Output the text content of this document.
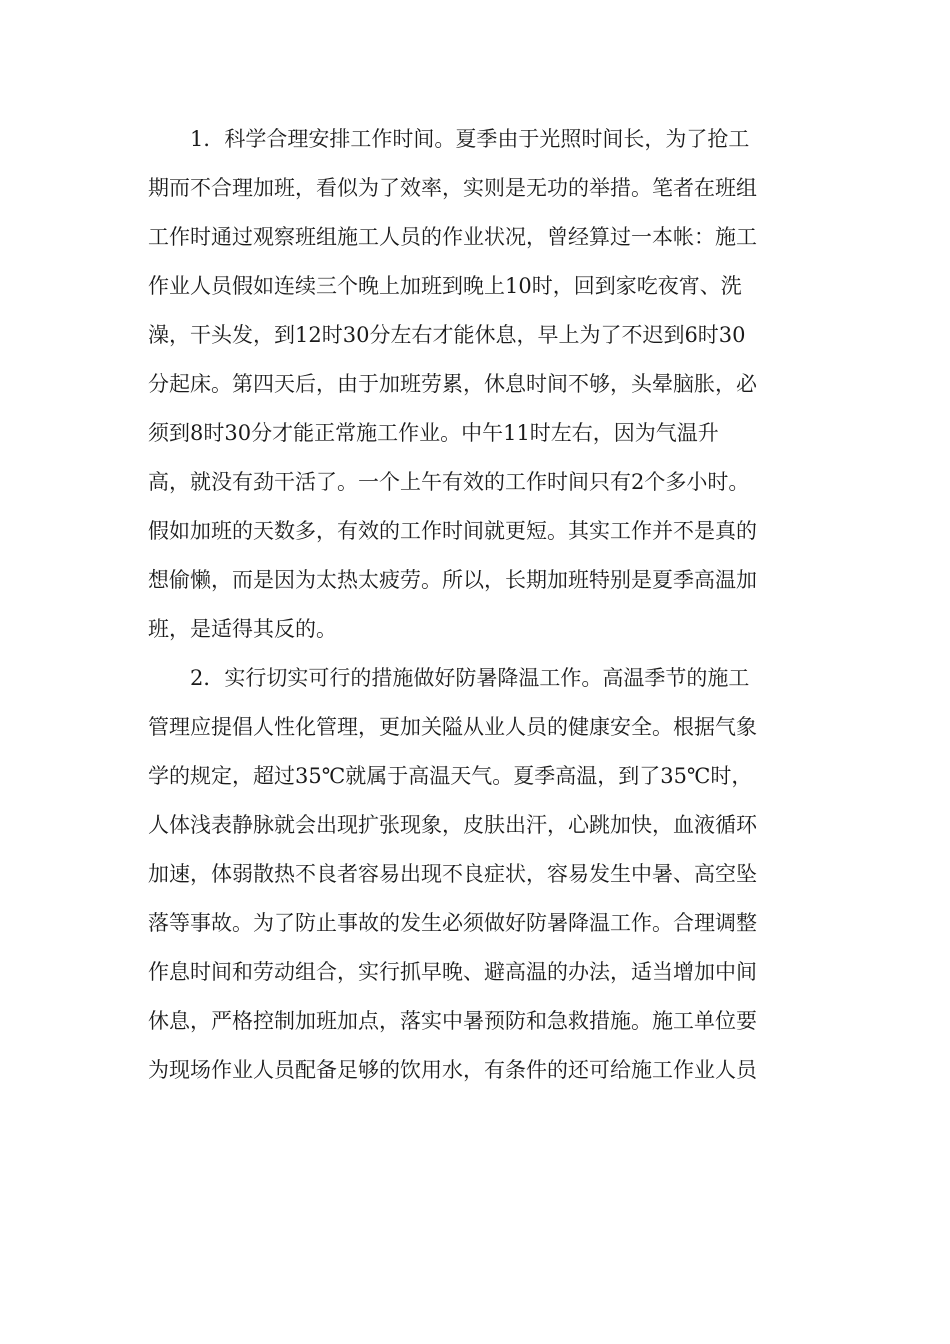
1．科学合理安排工作时间。夏季由于光照时间长，为了抢工
期而不合理加班，看似为了效率，实则是无功的举措。笔者在班组
工作时通过观察班组施工人员的作业状况，曾经算过一本帐：施工
作业人员假如连续三个晚上加班到晚上10时，回到家吃夜宵、洗
澡，干头发，到12时30分左右才能休息，早上为了不迟到6时30
分起床。第四天后，由于加班劳累，休息时间不够，头晕脑胀，必
须到8时30分才能正常施工作业。中午11时左右，因为气温升
高，就没有劲干活了。一个上午有效的工作时间只有2个多小时。
假如加班的天数多，有效的工作时间就更短。其实工作并不是真的
想偷懒，而是因为太热太疲劳。所以，长期加班特别是夏季高温加
班，是适得其反的。
2．实行切实可行的措施做好防暑降温工作。高温季节的施工
管理应提倡人性化管理，更加关隘从业人员的健康安全。根据气象
学的规定，超过35℃就属于高温天气。夏季高温，到了35℃时，
人体浅表静脉就会出现扩张现象，皮肤出汗，心跳加快，血液循环
加速，体弱散热不良者容易出现不良症状，容易发生中暑、高空坠
落等事故。为了防止事故的发生必须做好防暑降温工作。合理调整
作息时间和劳动组合，实行抓早晚、避高温的办法，适当增加中间
休息，严格控制加班加点，落实中暑预防和急救措施。施工单位要
为现场作业人员配备足够的饮用水，有条件的还可给施工作业人员
